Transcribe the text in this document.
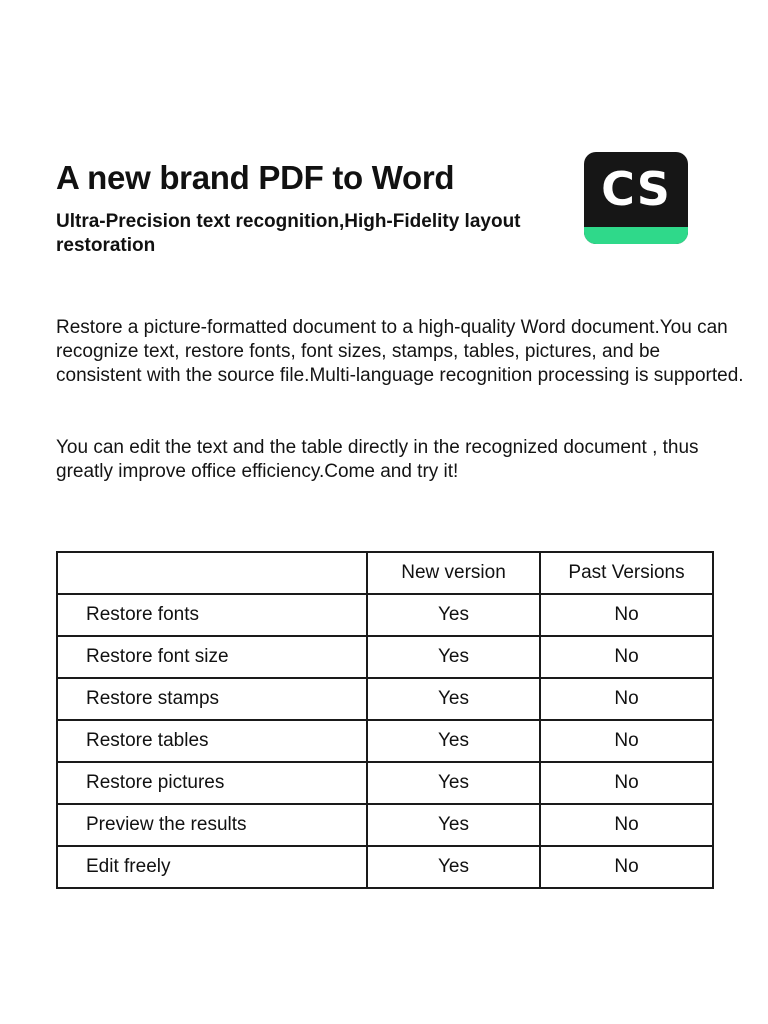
A new brand PDF to Word

Ultra-Precision text recognition,High-Fidelity layout restoration

CS

Restore a picture-formatted document to a high-quality Word document.You can recognize text, restore fonts, font sizes, stamps, tables, pictures, and be consistent with the source file.Multi-language recognition processing is supported.

You can edit the text and the table directly in the recognized document , thus greatly improve office efficiency.Come and try it!

	New version	Past Versions
Restore fonts	Yes	No
Restore font size	Yes	No
Restore stamps	Yes	No
Restore tables	Yes	No
Restore pictures	Yes	No
Preview the results	Yes	No
Edit freely	Yes	No
